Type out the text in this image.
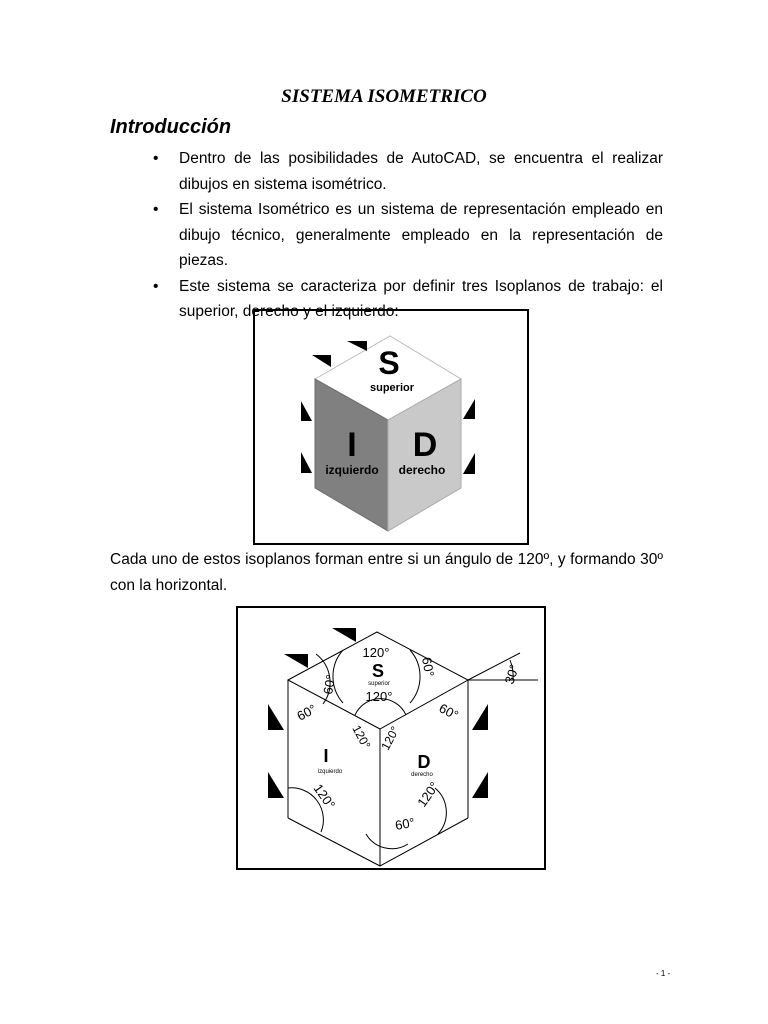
SISTEMA ISOMETRICO
Introducción
• Dentro de las posibilidades de AutoCAD, se encuentra el realizar dibujos en sistema isométrico.
• El sistema Isométrico es un sistema de representación empleado en dibujo técnico, generalmente empleado en la representación de piezas.
• Este sistema se caracteriza por definir tres Isoplanos de trabajo: el superior, derecho y el izquierdo:
S
superior
I
izquierdo
D
derecho
Cada uno de estos isoplanos forman entre si un ángulo de 120º, y formando 30º con la horizontal.
120°
S
superior
120°
60°
60°
60°	60°
120° 120°
30°
120°	120°
60°
I
izquierdo	D
derecho
- 1 -
